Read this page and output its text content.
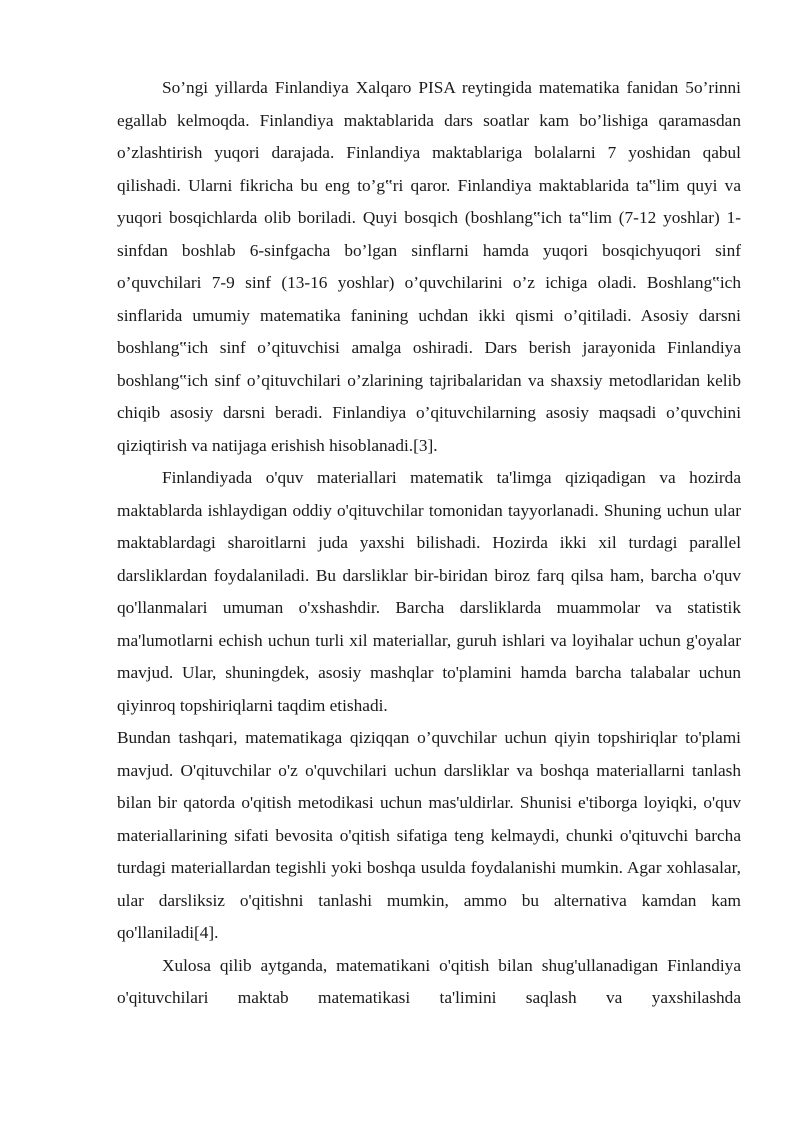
So’ngi yillarda Finlandiya Xalqaro PISA reytingida matematika fanidan 5o’rinni egallab kelmoqda. Finlandiya maktablarida dars soatlar kam bo’lishiga qaramasdan o’zlashtirish yuqori darajada. Finlandiya maktablariga bolalarni 7 yoshidan qabul qilishadi. Ularni fikricha bu eng to’g‟ri qaror. Finlandiya maktablarida ta‟lim quyi va yuqori bosqichlarda olib boriladi. Quyi bosqich (boshlang‟ich ta‟lim (7-12 yoshlar) 1-sinfdan boshlab 6-sinfgacha bo’lgan sinflarni hamda yuqori bosqichyuqori sinf o’quvchilari 7-9 sinf (13-16 yoshlar) o’quvchilarini o’z ichiga oladi. Boshlang‟ich sinflarida umumiy matematika fanining uchdan ikki qismi o’qitiladi. Asosiy darsni boshlang‟ich sinf o’qituvchisi amalga oshiradi. Dars berish jarayonida Finlandiya boshlang‟ich sinf o’qituvchilari o’zlarining tajribalaridan va shaxsiy metodlaridan kelib chiqib asosiy darsni beradi. Finlandiya o’qituvchilarning asosiy maqsadi o’quvchini qiziqtirish va natijaga erishish hisoblanadi.[3].

Finlandiyada o'quv materiallari matematik ta'limga qiziqadigan va hozirda maktablarda ishlaydigan oddiy o'qituvchilar tomonidan tayyorlanadi. Shuning uchun ular maktablardagi sharoitlarni juda yaxshi bilishadi. Hozirda ikki xil turdagi parallel darsliklardan foydalaniladi. Bu darsliklar bir-biridan biroz farq qilsa ham, barcha o'quv qo'llanmalari umuman o'xshashdir. Barcha darsliklarda muammolar va statistik ma'lumotlarni echish uchun turli xil materiallar, guruh ishlari va loyihalar uchun g'oyalar mavjud. Ular, shuningdek, asosiy mashqlar to'plamini hamda barcha talabalar uchun qiyinroq topshiriqlarni taqdim etishadi.

Bundan tashqari, matematikaga qiziqqan o’quvchilar uchun qiyin topshiriqlar to'plami mavjud. O'qituvchilar o'z o'quvchilari uchun darsliklar va boshqa materiallarni tanlash bilan bir qatorda o'qitish metodikasi uchun mas'uldirlar. Shunisi e'tiborga loyiqki, o'quv materiallarining sifati bevosita o'qitish sifatiga teng kelmaydi, chunki o'qituvchi barcha turdagi materiallardan tegishli yoki boshqa usulda foydalanishi mumkin. Agar xohlasalar, ular darsliksiz o'qitishni tanlashi mumkin, ammo bu alternativa kamdan kam qo'llaniladi[4].

Xulosa qilib aytganda, matematikani o'qitish bilan shug'ullanadigan Finlandiya o'qituvchilari maktab matematikasi ta'limini saqlash va yaxshilashda
